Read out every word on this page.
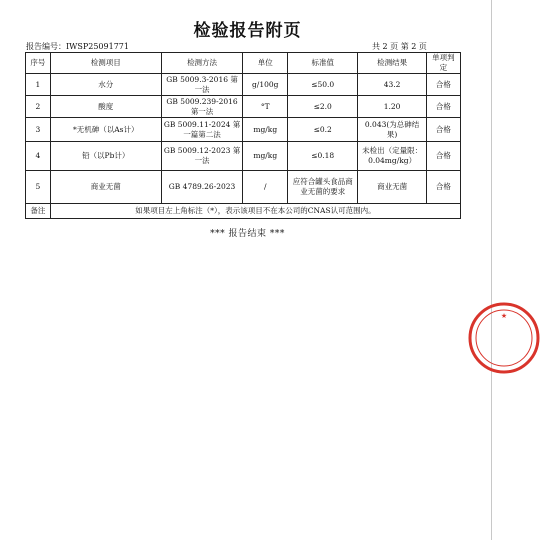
检验报告附页
报告编号：IWSP25091771	共 2 页 第 2 页
序号	检测项目	检测方法	单位	标准值	检测结果	单项判定
1	水分	GB 5009.3-2016 第一法	g/100g	≤50.0	43.2	合格
2	酸度	GB 5009.239-2016 第一法	°T	≤2.0	1.20	合格
3	*无机砷（以As计）	GB 5009.11-2024 第一篇第二法	mg/kg	≤0.2	0.043(为总砷结果)	合格
4	铅（以Pb计）	GB 5009.12-2023 第一法	mg/kg	≤0.18	未检出（定量限：0.04mg/kg）	合格
5	商业无菌	GB 4789.26-2023	/	应符合罐头食品商业无菌的要求	商业无菌	合格
备注	如果项目左上角标注（*），表示该项目不在本公司的CNAS认可范围内。					
*** 报告结束 ***
★
